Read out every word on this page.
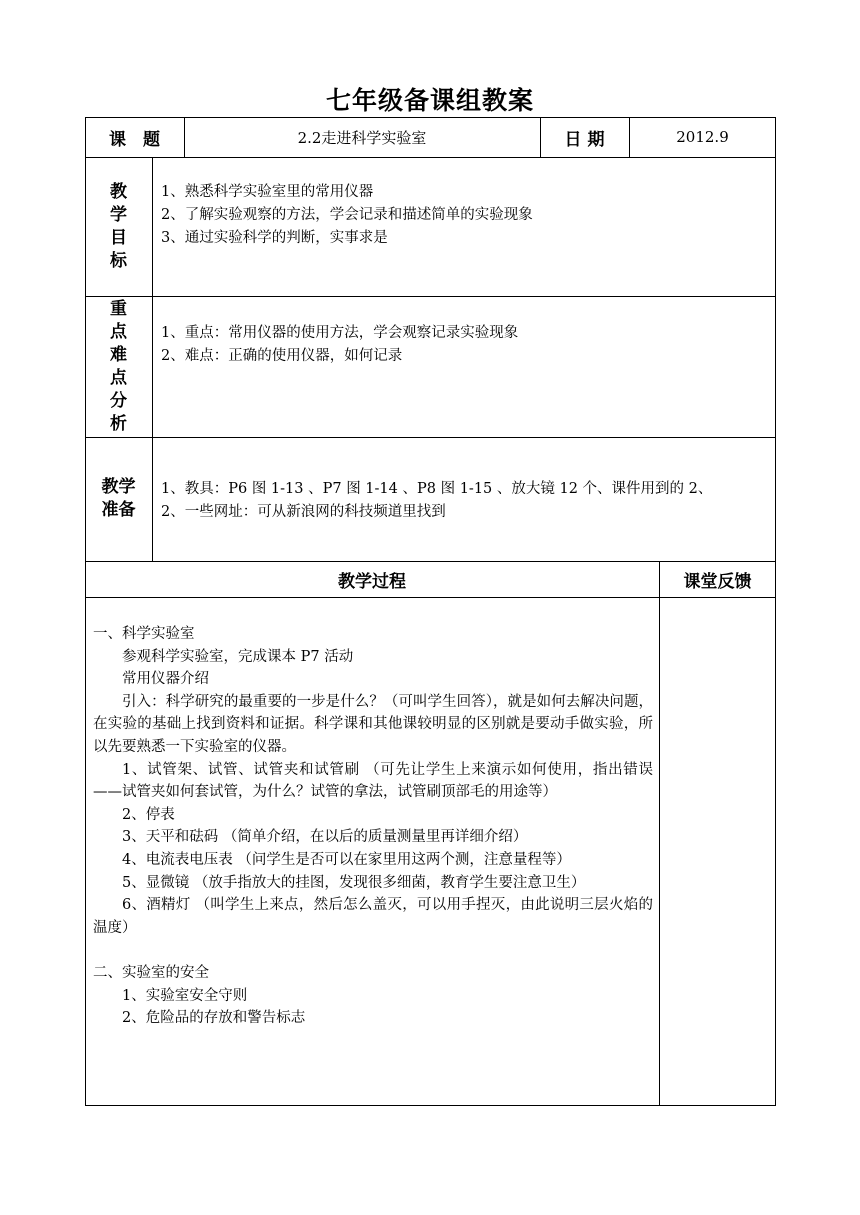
七年级备课组教案
课　题	2.2走进科学实验室	日 期	2012.9
教
学
目
标
1、熟悉科学实验室里的常用仪器
2、了解实验观察的方法，学会记录和描述简单的实验现象
3、通过实验科学的判断，实事求是
重
点
难
点
分
析
1、重点：常用仪器的使用方法，学会观察记录实验现象
2、难点：正确的使用仪器，如何记录
教学
准备
1、教具：P6 图 1-13 、P7 图 1-14 、P8 图 1-15 、放大镜 12 个、课件用到的 2、
2、一些网址：可从新浪网的科技频道里找到
教学过程	课堂反馈
一、科学实验室
参观科学实验室，完成课本 P7 活动
常用仪器介绍
引入：科学研究的最重要的一步是什么？（可叫学生回答），就是如何去解决问题，在实验的基础上找到资料和证据。科学课和其他课较明显的区别就是要动手做实验，所以先要熟悉一下实验室的仪器。
1、试管架、试管、试管夹和试管刷 （可先让学生上来演示如何使用，指出错误——试管夹如何套试管，为什么？试管的拿法，试管刷顶部毛的用途等）
2、停表
3、天平和砝码 （简单介绍，在以后的质量测量里再详细介绍）
4、电流表电压表 （问学生是否可以在家里用这两个测，注意量程等）
5、显微镜 （放手指放大的挂图，发现很多细菌，教育学生要注意卫生）
6、酒精灯 （叫学生上来点，然后怎么盖灭，可以用手捏灭，由此说明三层火焰的温度）
二、实验室的安全
1、实验室安全守则
2、危险品的存放和警告标志
